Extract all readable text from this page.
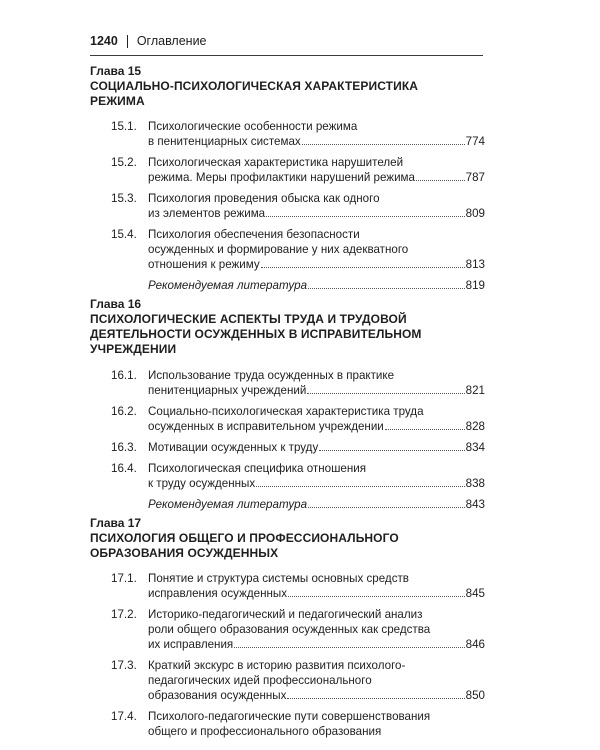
1240 Оглавление

Глава 15

СОЦИАЛЬНО-ПСИХОЛОГИЧЕСКАЯ ХАРАКТЕРИСТИКА

РЕЖИМА

15.1. Психологические особенности режима
в пенитенциарных системах	774
15.2. Психологическая характеристика нарушителей
режима. Меры профилактики нарушений режима	787
15.3. Психология проведения обыска как одного
из элементов режима	809
15.4. Психология обеспечения безопасности
осужденных и формирование у них адекватного
отношения к режиму	813
Рекомендуемая литература	819

Глава 16

ПСИХОЛОГИЧЕСКИЕ АСПЕКТЫ ТРУДА И ТРУДОВОЙ

ДЕЯТЕЛЬНОСТИ ОСУЖДЕННЫХ В ИСПРАВИТЕЛЬНОМ

УЧРЕЖДЕНИИ

16.1. Использование труда осужденных в практике
пенитенциарных учреждений	821
16.2. Социально-психологическая характеристика труда
осужденных в исправительном учреждении	828
16.3. Мотивации осужденных к труду	834
16.4. Психологическая специфика отношения
к труду осужденных	838
Рекомендуемая литература	843

Глава 17

ПСИХОЛОГИЯ ОБЩЕГО И ПРОФЕССИОНАЛЬНОГО

ОБРАЗОВАНИЯ ОСУЖДЕННЫХ

17.1. Понятие и структура системы основных средств
исправления осужденных	845
17.2. Историко-педагогический и педагогический анализ
роли общего образования осужденных как средства
их исправления	846
17.3. Краткий экскурс в историю развития психолого-
педагогических идей профессионального
образования осужденных	850
17.4. Психолого-педагогические пути совершенствования
общего и профессионального образования
